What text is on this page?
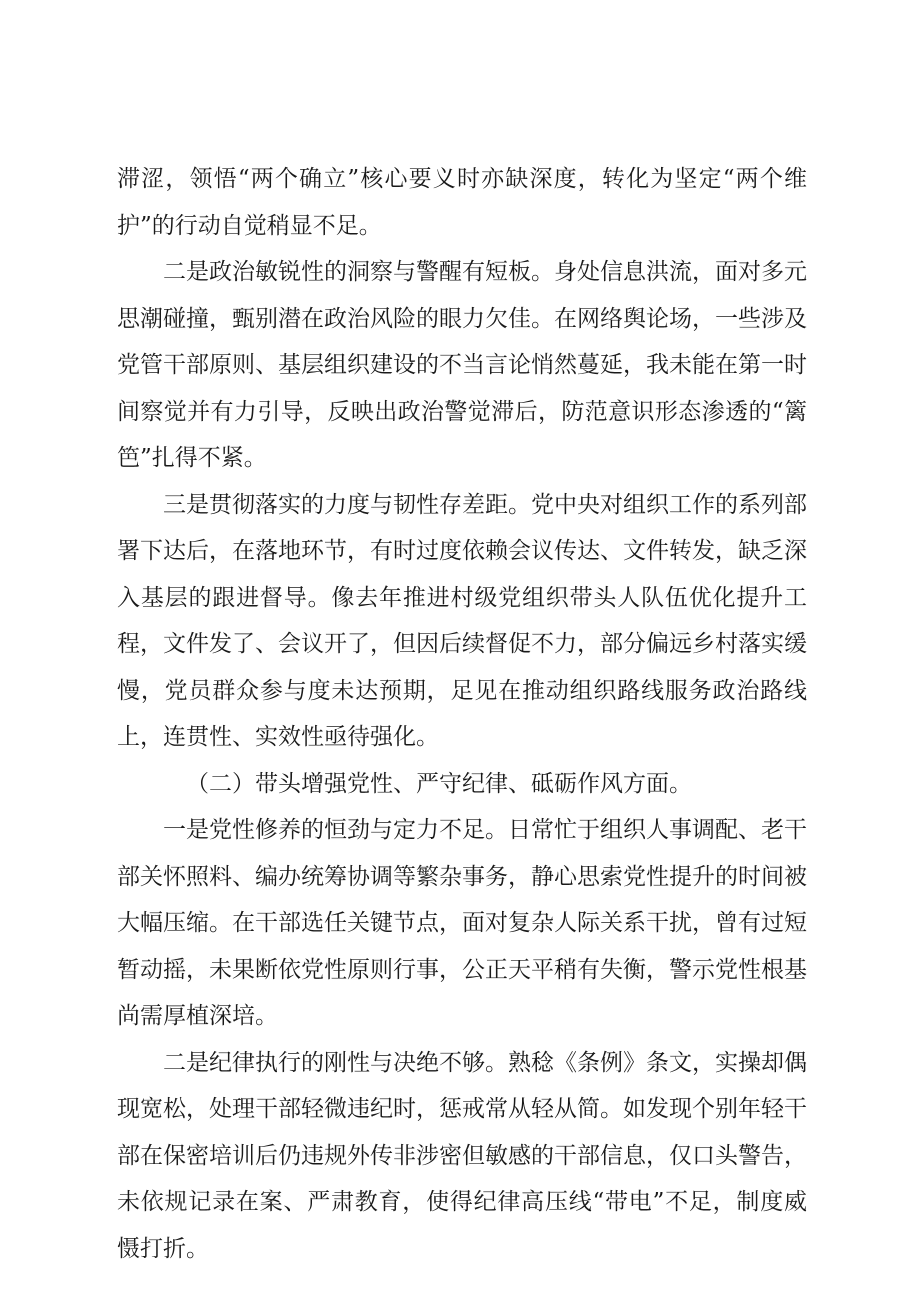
滞涩，领悟“两个确立”核心要义时亦缺深度，转化为坚定“两个维护”的行动自觉稍显不足。

二是政治敏锐性的洞察与警醒有短板。身处信息洪流，面对多元思潮碰撞，甄别潜在政治风险的眼力欠佳。在网络舆论场，一些涉及党管干部原则、基层组织建设的不当言论悄然蔓延，我未能在第一时间察觉并有力引导，反映出政治警觉滞后，防范意识形态渗透的“篱笆”扎得不紧。

三是贯彻落实的力度与韧性存差距。党中央对组织工作的系列部署下达后，在落地环节，有时过度依赖会议传达、文件转发，缺乏深入基层的跟进督导。像去年推进村级党组织带头人队伍优化提升工程，文件发了、会议开了，但因后续督促不力，部分偏远乡村落实缓慢，党员群众参与度未达预期，足见在推动组织路线服务政治路线上，连贯性、实效性亟待强化。

（二）带头增强党性、严守纪律、砥砺作风方面。

一是党性修养的恒劲与定力不足。日常忙于组织人事调配、老干部关怀照料、编办统筹协调等繁杂事务，静心思索党性提升的时间被大幅压缩。在干部选任关键节点，面对复杂人际关系干扰，曾有过短暂动摇，未果断依党性原则行事，公正天平稍有失衡，警示党性根基尚需厚植深培。

二是纪律执行的刚性与决绝不够。熟稔《条例》条文，实操却偶现宽松，处理干部轻微违纪时，惩戒常从轻从简。如发现个别年轻干部在保密培训后仍违规外传非涉密但敏感的干部信息，仅口头警告，未依规记录在案、严肃教育，使得纪律高压线“带电”不足，制度威慑打折。
